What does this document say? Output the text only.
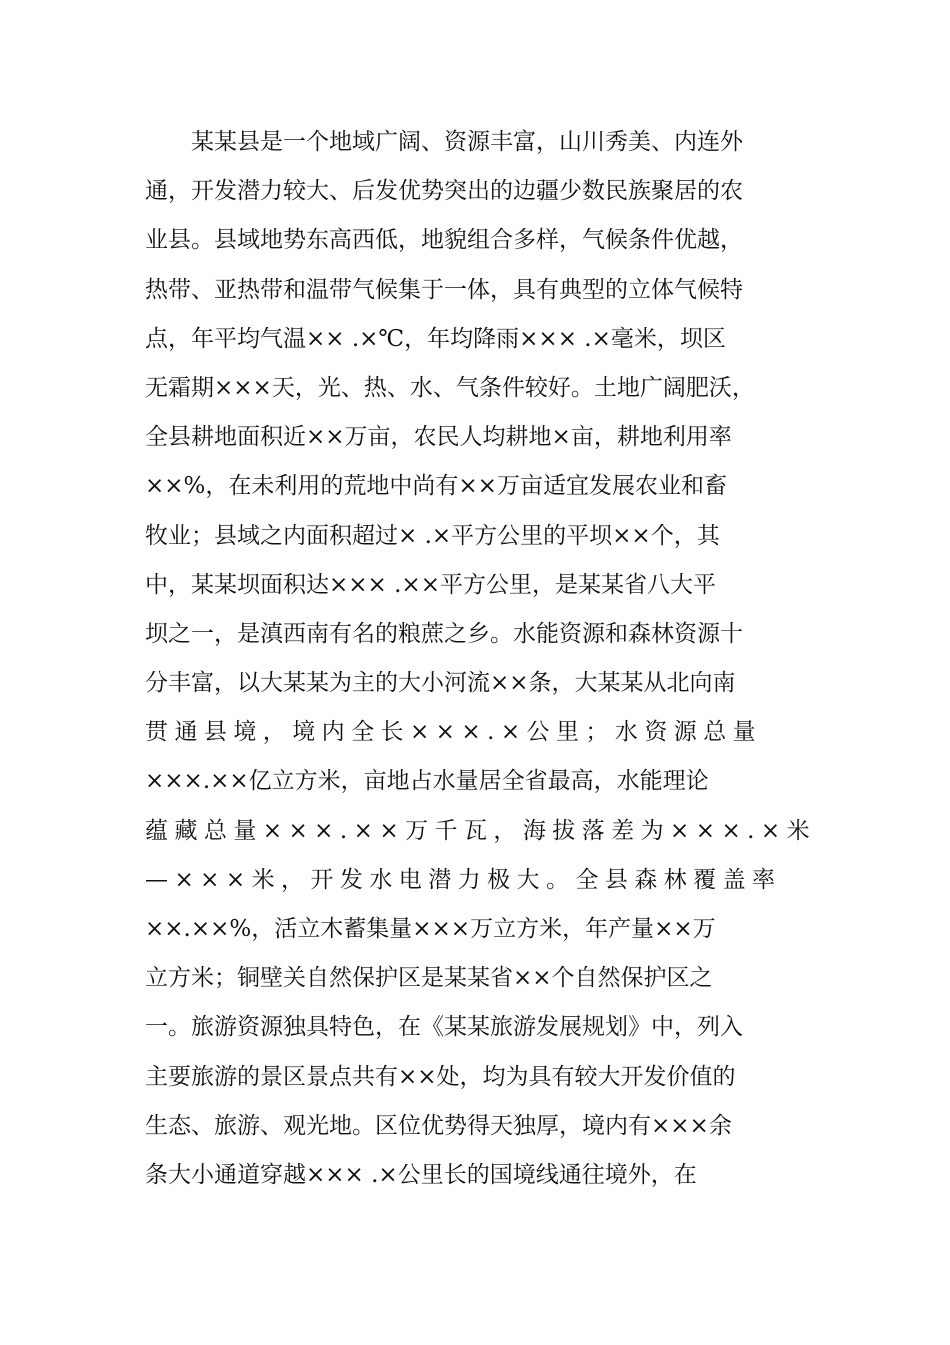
某某县是一个地域广阔、资源丰富，山川秀美、内连外
通，开发潜力较大、后发优势突出的边疆少数民族聚居的农
业县。县域地势东高西低，地貌组合多样，气候条件优越，
热带、亚热带和温带气候集于一体，具有典型的立体气候特
点，年平均气温×× .×℃，年均降雨××× .×毫米，坝区
无霜期×××天，光、热、水、气条件较好。土地广阔肥沃，
全县耕地面积近××万亩，农民人均耕地×亩，耕地利用率
××%，在未利用的荒地中尚有××万亩适宜发展农业和畜
牧业；县域之内面积超过× .×平方公里的平坝××个，其
中，某某坝面积达××× .××平方公里，是某某省八大平
坝之一，是滇西南有名的粮蔗之乡。水能资源和森林资源十
分丰富，以大某某为主的大小河流××条，大某某从北向南
贯通县境，境内全长×××.×公里；水资源总量
×××.××亿立方米，亩地占水量居全省最高，水能理论
蕴藏总量×××.××万千瓦，海拔落差为×××.×米
—×××米，开发水电潜力极大。全县森林覆盖率
××.××%，活立木蓄集量×××万立方米，年产量××万
立方米；铜壁关自然保护区是某某省××个自然保护区之
一。旅游资源独具特色，在《某某旅游发展规划》中，列入
主要旅游的景区景点共有××处，均为具有较大开发价值的
生态、旅游、观光地。区位优势得天独厚，境内有×××余
条大小通道穿越××× .×公里长的国境线通往境外，在
